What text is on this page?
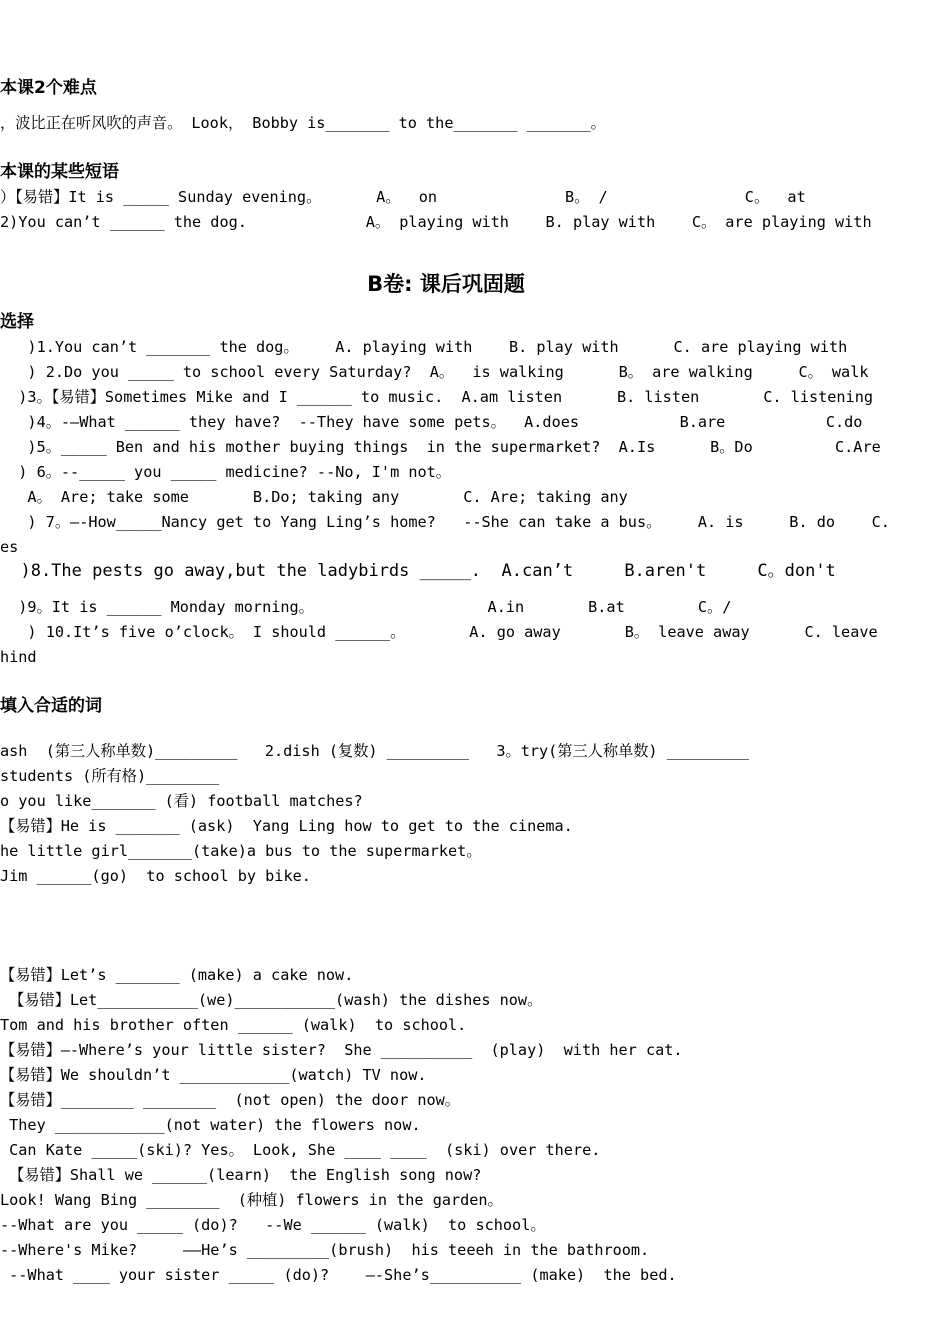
本课2个难点
，波比正在听风吹的声音。 Look， Bobby is_______ to the_______ _______。
本课的某些短语
）【易错】It is _____ Sunday evening。      A。  on              B。 /               C。  at
2)You can’t ______ the dog.             A。 playing with    B. play with    C。 are playing with
B卷: 课后巩固题
选择
)1.You can’t _______ the dog。    A. playing with    B. play with      C. are playing with
) 2.Do you _____ to school every Saturday?  A。  is walking      B。 are walking     C。 walk
)3。【易错】Sometimes Mike and I ______ to music.  A.am listen      B. listen       C. listening
)4。-—What ______ they have?  --They have some pets。  A.does           B.are           C.do
)5。_____ Ben and his mother buying things  in the supermarket?  A.Is      B。Do         C.Are
) 6。--_____ you _____ medicine? --No, I'm not。
A。 Are; take some       B.Do; taking any       C. Are; taking any
) 7。—-How_____Nancy get to Yang Ling’s home?   --She can take a bus。    A. is     B. do    C.
es
)8.The pests go away,but the ladybirds _____.  A.can’t     B.aren't     C。don't
)9。It is ______ Monday morning。                   A.in       B.at        C。/
) 10.It’s five o’clock。 I should ______。       A. go away       B。 leave away      C. leave
hind
填入合适的词
ash  (第三人称单数)_________   2.dish (复数) _________   3。try(第三人称单数) _________
students (所有格)________
o you like_______ (看) football matches?
【易错】He is _______ (ask)  Yang Ling how to get to the cinema.
he little girl_______(take)a bus to the supermarket。
Jim ______(go)  to school by bike.
【易错】Let’s _______ (make) a cake now.
【易错】Let___________(we)___________(wash) the dishes now。
Tom and his brother often ______ (walk)  to school.
【易错】—-Where’s your little sister?  She __________  (play)  with her cat.
【易错】We shouldn’t ____________(watch) TV now.
【易错】________ ________  (not open) the door now。
They ____________(not water) the flowers now.
Can Kate _____(ski)? Yes。 Look, She ____ ____  (ski) over there.
【易错】Shall we ______(learn)  the English song now?
Look! Wang Bing ________  (种植) flowers in the garden。
--What are you _____ (do)?   --We ______ (walk)  to school。
--Where's Mike?     ——He’s _________(brush)  his teeeh in the bathroom.
--What ____ your sister _____ (do)?    —-She’s__________ (make)  the bed.
